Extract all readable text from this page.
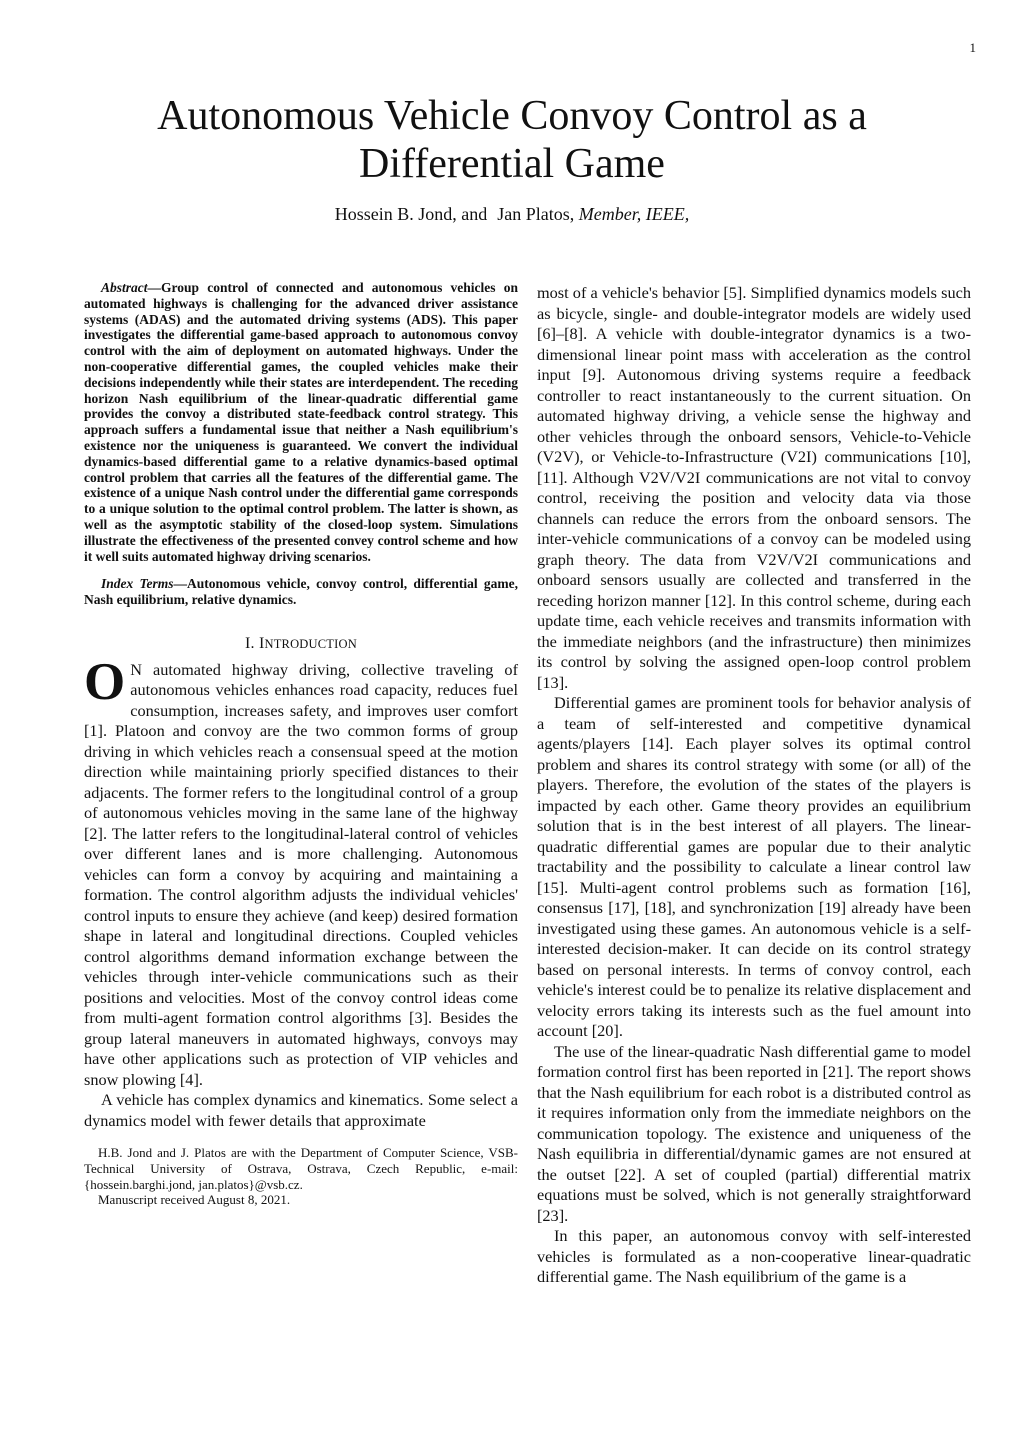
1
Autonomous Vehicle Convoy Control as a
Differential Game
Hossein B. Jond, and Jan Platos, Member, IEEE,

Abstract—Group control of connected and autonomous vehicles on automated highways is challenging for the advanced driver assistance systems (ADAS) and the automated driving systems (ADS). This paper investigates the differential game-based approach to autonomous convoy control with the aim of deployment on automated highways. Under the non-cooperative differential games, the coupled vehicles make their decisions independently while their states are interdependent. The receding horizon Nash equilibrium of the linear-quadratic differential game provides the convoy a distributed state-feedback control strategy. This approach suffers a fundamental issue that neither a Nash equilibrium's existence nor the uniqueness is guaranteed. We convert the individual dynamics-based differential game to a relative dynamics-based optimal control problem that carries all the features of the differential game. The existence of a unique Nash control under the differential game corresponds to a unique solution to the optimal control problem. The latter is shown, as well as the asymptotic stability of the closed-loop system. Simulations illustrate the effectiveness of the presented convey control scheme and how it well suits automated highway driving scenarios.

Index Terms—Autonomous vehicle, convoy control, differential game, Nash equilibrium, relative dynamics.

I. INTRODUCTION

O N automated highway driving, collective traveling of autonomous vehicles enhances road capacity, reduces fuel consumption, increases safety, and improves user comfort [1]. Platoon and convoy are the two common forms of group driving in which vehicles reach a consensual speed at the motion direction while maintaining priorly specified distances to their adjacents. The former refers to the longitudinal control of a group of autonomous vehicles moving in the same lane of the highway [2]. The latter refers to the longitudinal-lateral control of vehicles over different lanes and is more challenging. Autonomous vehicles can form a convoy by acquiring and maintaining a formation. The control algorithm adjusts the individual vehicles' control inputs to ensure they achieve (and keep) desired formation shape in lateral and longitudinal directions. Coupled vehicles control algorithms demand information exchange between the vehicles through inter-vehicle communications such as their positions and velocities. Most of the convoy control ideas come from multi-agent formation control algorithms [3]. Besides the group lateral maneuvers in automated highways, convoys may have other applications such as protection of VIP vehicles and snow plowing [4].

A vehicle has complex dynamics and kinematics. Some select a dynamics model with fewer details that approximate

H.B. Jond and J. Platos are with the Department of Computer Science, VSB-Technical University of Ostrava, Ostrava, Czech Republic, e-mail: {hossein.barghi.jond, jan.platos}@vsb.cz.

Manuscript received August 8, 2021.

most of a vehicle's behavior [5]. Simplified dynamics models such as bicycle, single- and double-integrator models are widely used [6]–[8]. A vehicle with double-integrator dynamics is a two-dimensional linear point mass with acceleration as the control input [9]. Autonomous driving systems require a feedback controller to react instantaneously to the current situation. On automated highway driving, a vehicle sense the highway and other vehicles through the onboard sensors, Vehicle-to-Vehicle (V2V), or Vehicle-to-Infrastructure (V2I) communications [10], [11]. Although V2V/V2I communications are not vital to convoy control, receiving the position and velocity data via those channels can reduce the errors from the onboard sensors. The inter-vehicle communications of a convoy can be modeled using graph theory. The data from V2V/V2I communications and onboard sensors usually are collected and transferred in the receding horizon manner [12]. In this control scheme, during each update time, each vehicle receives and transmits information with the immediate neighbors (and the infrastructure) then minimizes its control by solving the assigned open-loop control problem [13].

Differential games are prominent tools for behavior analysis of a team of self-interested and competitive dynamical agents/players [14]. Each player solves its optimal control problem and shares its control strategy with some (or all) of the players. Therefore, the evolution of the states of the players is impacted by each other. Game theory provides an equilibrium solution that is in the best interest of all players. The linear-quadratic differential games are popular due to their analytic tractability and the possibility to calculate a linear control law [15]. Multi-agent control problems such as formation [16], consensus [17], [18], and synchronization [19] already have been investigated using these games. An autonomous vehicle is a self-interested decision-maker. It can decide on its control strategy based on personal interests. In terms of convoy control, each vehicle's interest could be to penalize its relative displacement and velocity errors taking its interests such as the fuel amount into account [20].

The use of the linear-quadratic Nash differential game to model formation control first has been reported in [21]. The report shows that the Nash equilibrium for each robot is a distributed control as it requires information only from the immediate neighbors on the communication topology. The existence and uniqueness of the Nash equilibria in differential/dynamic games are not ensured at the outset [22]. A set of coupled (partial) differential matrix equations must be solved, which is not generally straightforward [23].

In this paper, an autonomous convoy with self-interested vehicles is formulated as a non-cooperative linear-quadratic differential game. The Nash equilibrium of the game is a
